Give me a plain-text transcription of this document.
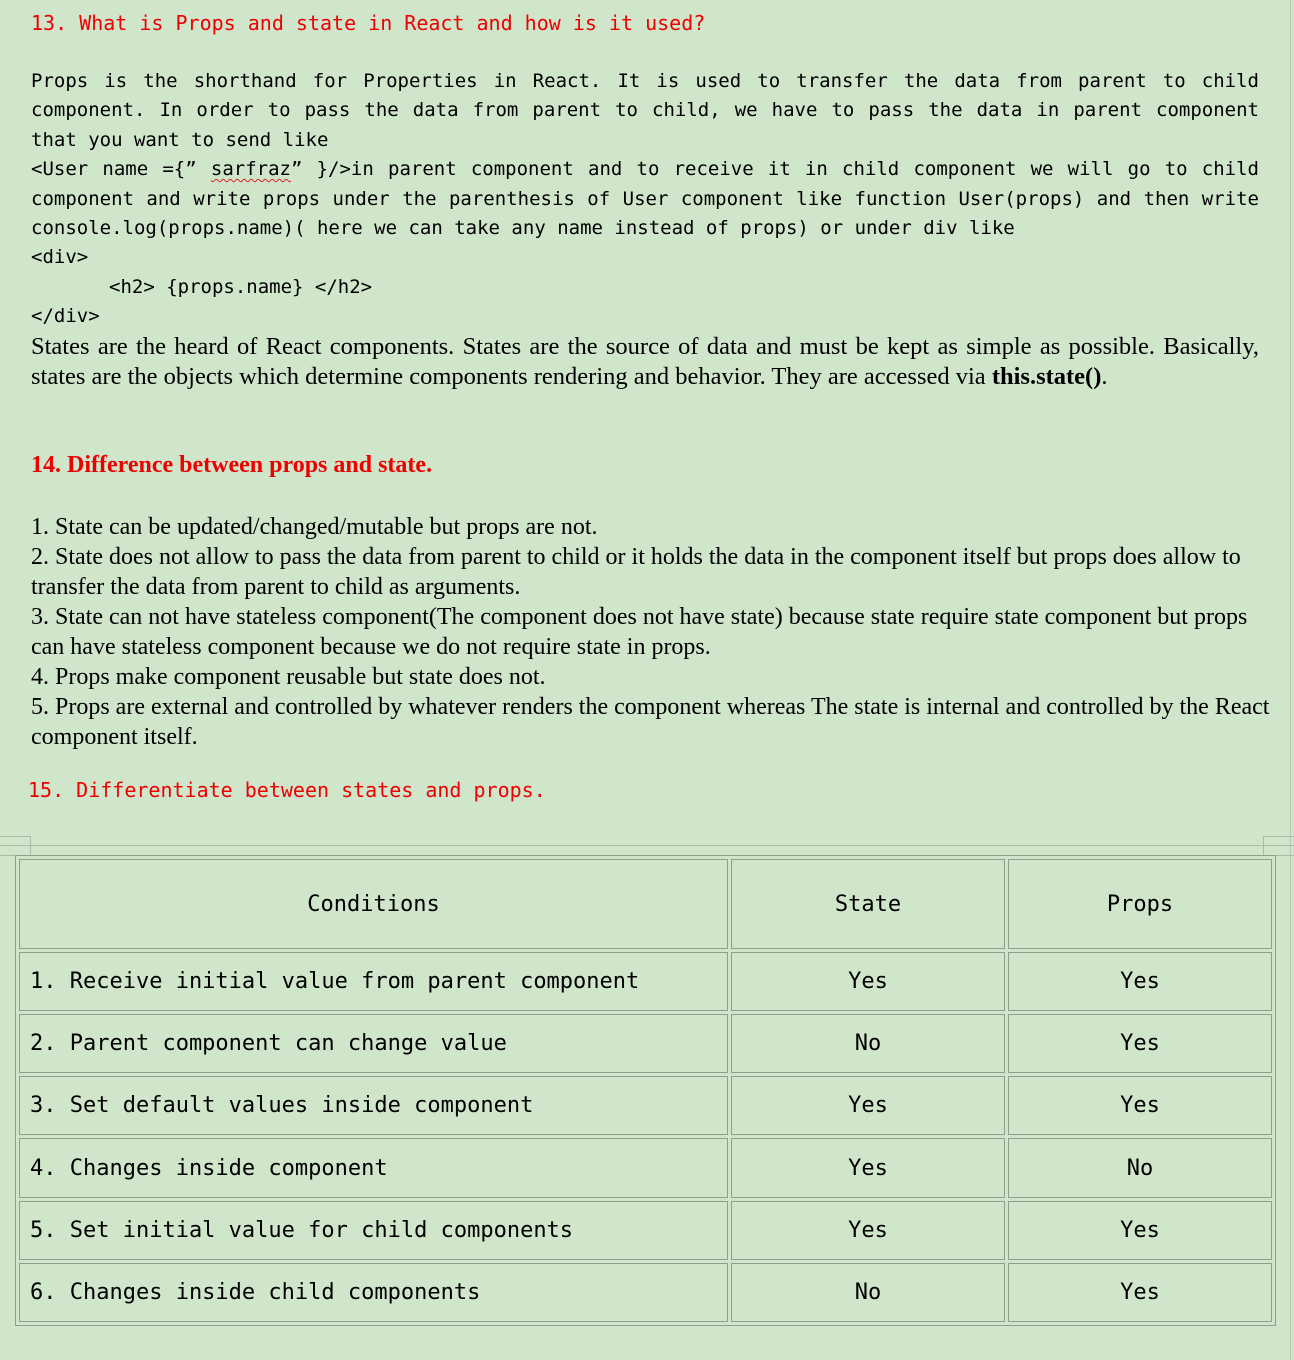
13. What is Props and state in React and how is it used?
Props is the shorthand for Properties in React. It is used to transfer the data from parent to child component. In order to pass the data from parent to child, we have to pass the data in parent component that you want to send like
<User name ={” sarfraz” }/>in parent component and to receive it in child component we will go to child component and write props under the parenthesis of User component like function User(props) and then write console.log(props.name)( here we can take any name instead of props) or under div like
<div>
<h2> {props.name} </h2>
</div>

States are the heard of React components. States are the source of data and must be kept as simple as possible. Basically, states are the objects which determine components rendering and behavior. They are accessed via this.state().

14. Difference between props and state.
1. State can be updated/changed/mutable but props are not.
2. State does not allow to pass the data from parent to child or it holds the data in the component itself but props does allow to transfer the data from parent to child as arguments.
3. State can not have stateless component(The component does not have state) because state require state component but props can have stateless component because we do not require state in props.
4. Props make component reusable but state does not.
5. Props are external and controlled by whatever renders the component whereas The state is internal and controlled by the React component itself.
15. Differentiate between states and props.
Conditions	State	Props
1. Receive initial value from parent component	Yes	Yes
2. Parent component can change value	No	Yes
3. Set default values inside component	Yes	Yes
4. Changes inside component	Yes	No
5. Set initial value for child components	Yes	Yes
6. Changes inside child components	No	Yes
